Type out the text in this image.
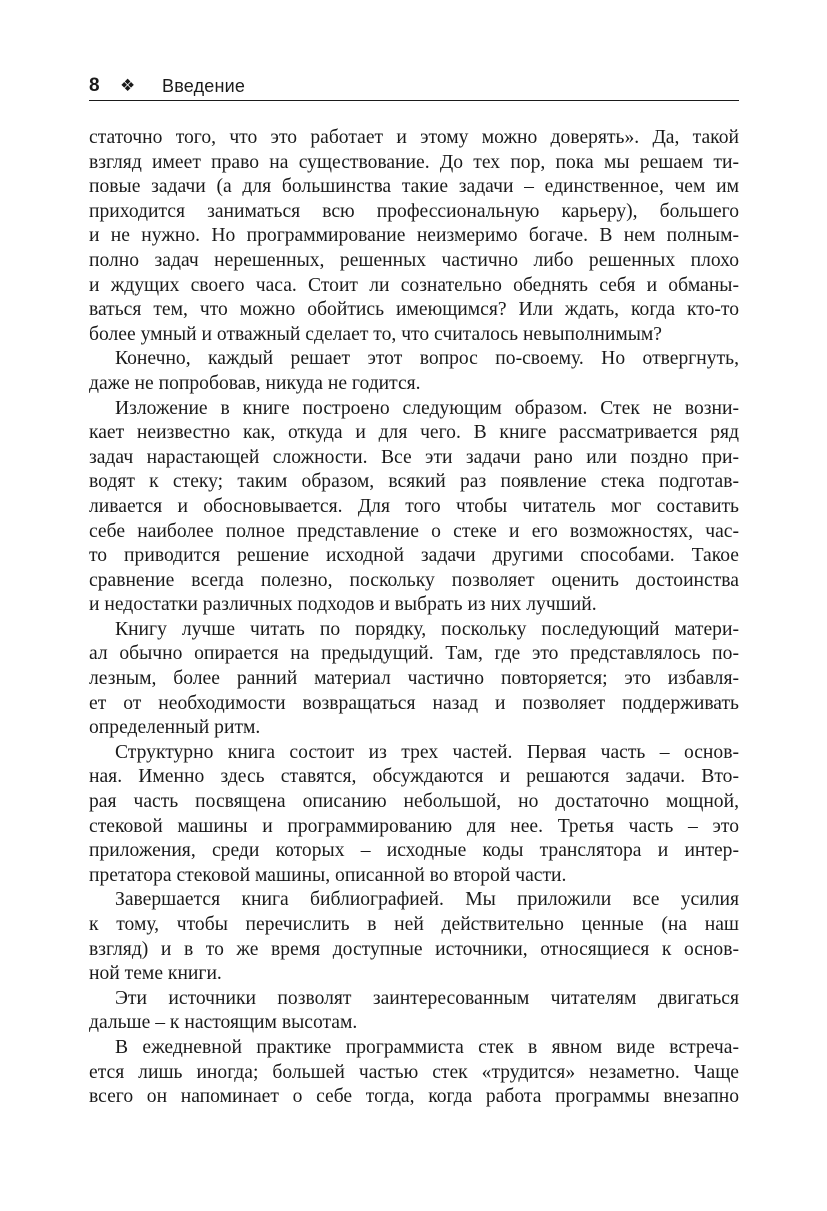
8 ❖ Введение
статочно того, что это работает и этому можно доверять». Да, такой
взгляд имеет право на существование. До тех пор, пока мы решаем ти-
повые задачи (а для большинства такие задачи – единственное, чем им
приходится заниматься всю профессиональную карьеру), большего
и не нужно. Но программирование неизмеримо богаче. В нем полным-
полно задач нерешенных, решенных частично либо решенных плохо
и ждущих своего часа. Стоит ли сознательно обеднять себя и обманы-
ваться тем, что можно обойтись имеющимся? Или ждать, когда кто-то
более умный и отважный сделает то, что считалось невыполнимым?
Конечно, каждый решает этот вопрос по-своему. Но отвергнуть,
даже не попробовав, никуда не годится.
Изложение в книге построено следующим образом. Стек не возни-
кает неизвестно как, откуда и для чего. В книге рассматривается ряд
задач нарастающей сложности. Все эти задачи рано или поздно при-
водят к стеку; таким образом, всякий раз появление стека подготав-
ливается и обосновывается. Для того чтобы читатель мог составить
себе наиболее полное представление о стеке и его возможностях, час-
то приводится решение исходной задачи другими способами. Такое
сравнение всегда полезно, поскольку позволяет оценить достоинства
и недостатки различных подходов и выбрать из них лучший.
Книгу лучше читать по порядку, поскольку последующий матери-
ал обычно опирается на предыдущий. Там, где это представлялось по-
лезным, более ранний материал частично повторяется; это избавля-
ет от необходимости возвращаться назад и позволяет поддерживать
определенный ритм.
Структурно книга состоит из трех частей. Первая часть – основ-
ная. Именно здесь ставятся, обсуждаются и решаются задачи. Вто-
рая часть посвящена описанию небольшой, но достаточно мощной,
стековой машины и программированию для нее. Третья часть – это
приложения, среди которых – исходные коды транслятора и интер-
претатора стековой машины, описанной во второй части.
Завершается книга библиографией. Мы приложили все усилия
к тому, чтобы перечислить в ней действительно ценные (на наш
взгляд) и в то же время доступные источники, относящиеся к основ-
ной теме книги.
Эти источники позволят заинтересованным читателям двигаться
дальше – к настоящим высотам.
В ежедневной практике программиста стек в явном виде встреча-
ется лишь иногда; большей частью стек «трудится» незаметно. Чаще
всего он напоминает о себе тогда, когда работа программы внезапно
